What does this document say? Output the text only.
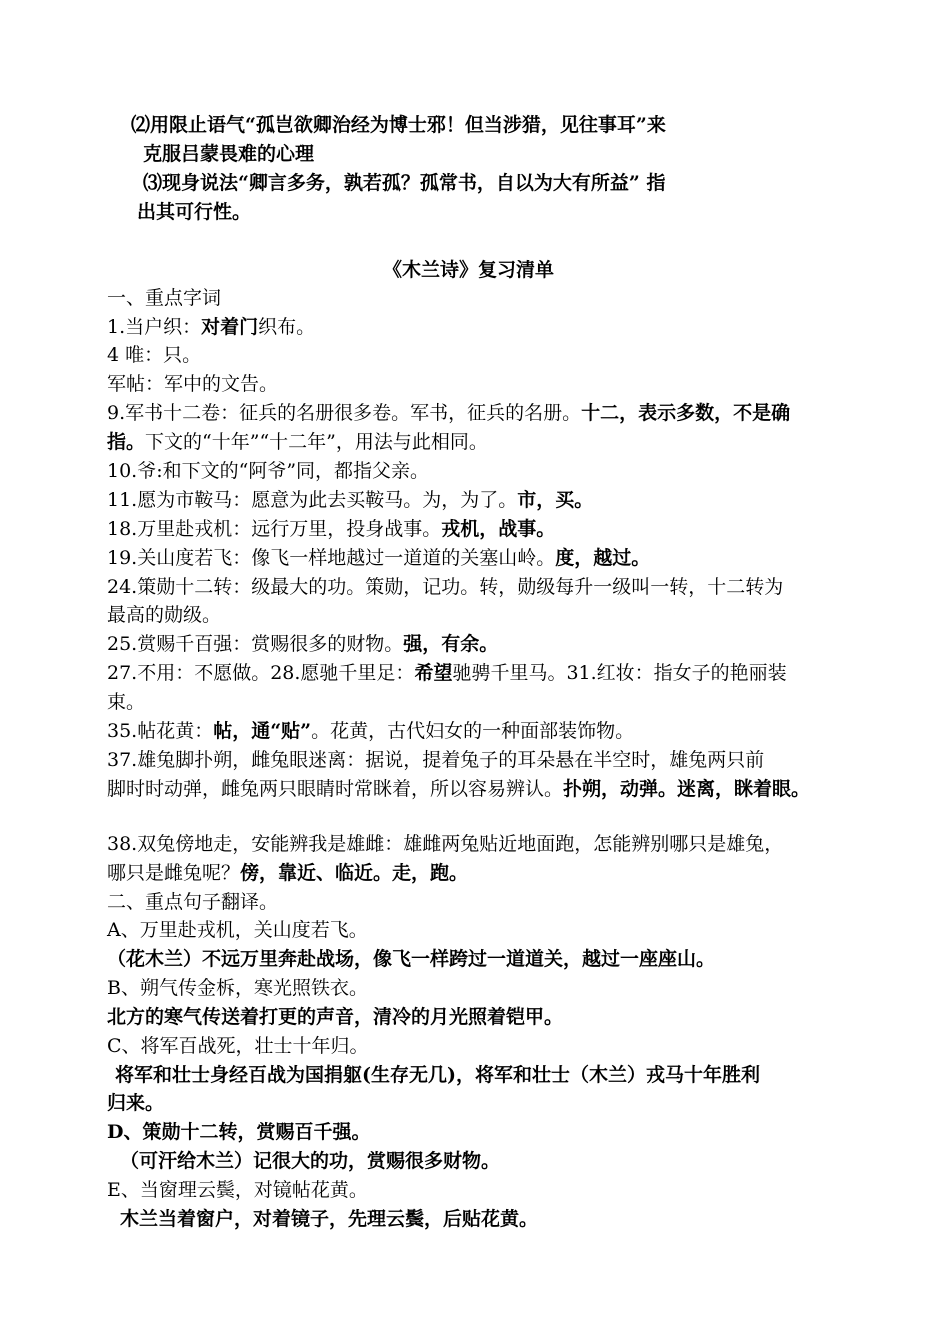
⑵用限止语气“孤岂欲卿治经为博士邪！但当涉猎，见往事耳”来
克服吕蒙畏难的心理
⑶现身说法“卿言多务，孰若孤？孤常书，自以为大有所益” 指
出其可行性。
《木兰诗》复习清单
一、重点字词
1.当户织：对着门织布。
4 唯：只。
军帖：军中的文告。
9.军书十二卷：征兵的名册很多卷。军书，征兵的名册。十二，表示多数，不是确
指。下文的“十年”“十二年”，用法与此相同。
10.爷:和下文的“阿爷”同，都指父亲。
11.愿为市鞍马：愿意为此去买鞍马。为，为了。市，买。
18.万里赴戎机：远行万里，投身战事。戎机，战事。
19.关山度若飞：像飞一样地越过一道道的关塞山岭。度，越过。
24.策勋十二转：级最大的功。策勋，记功。转，勋级每升一级叫一转，十二转为
最高的勋级。
25.赏赐千百强：赏赐很多的财物。强，有余。
27.不用：不愿做。28.愿驰千里足：希望驰骋千里马。31.红妆：指女子的艳丽装
束。
35.帖花黄：帖，通“贴”。花黄，古代妇女的一种面部装饰物。
37.雄兔脚扑朔，雌兔眼迷离：据说，提着兔子的耳朵悬在半空时，雄兔两只前
脚时时动弹，雌兔两只眼睛时常眯着，所以容易辨认。扑朔，动弹。迷离，眯着眼。
38.双兔傍地走，安能辨我是雄雌：雄雌两兔贴近地面跑，怎能辨别哪只是雄兔，
哪只是雌兔呢？傍，靠近、临近。走，跑。
二、重点句子翻译。
A、万里赴戎机，关山度若飞。
（花木兰）不远万里奔赴战场，像飞一样跨过一道道关，越过一座座山。
B、朔气传金柝，寒光照铁衣。
北方的寒气传送着打更的声音，清冷的月光照着铠甲。
C、将军百战死，壮士十年归。
将军和壮士身经百战为国捐躯(生存无几)，将军和壮士（木兰）戎马十年胜利
归来。
D、策勋十二转，赏赐百千强。
（可汗给木兰）记很大的功，赏赐很多财物。
E、当窗理云鬓，对镜帖花黄。
木兰当着窗户，对着镜子，先理云鬓，后贴花黄。
